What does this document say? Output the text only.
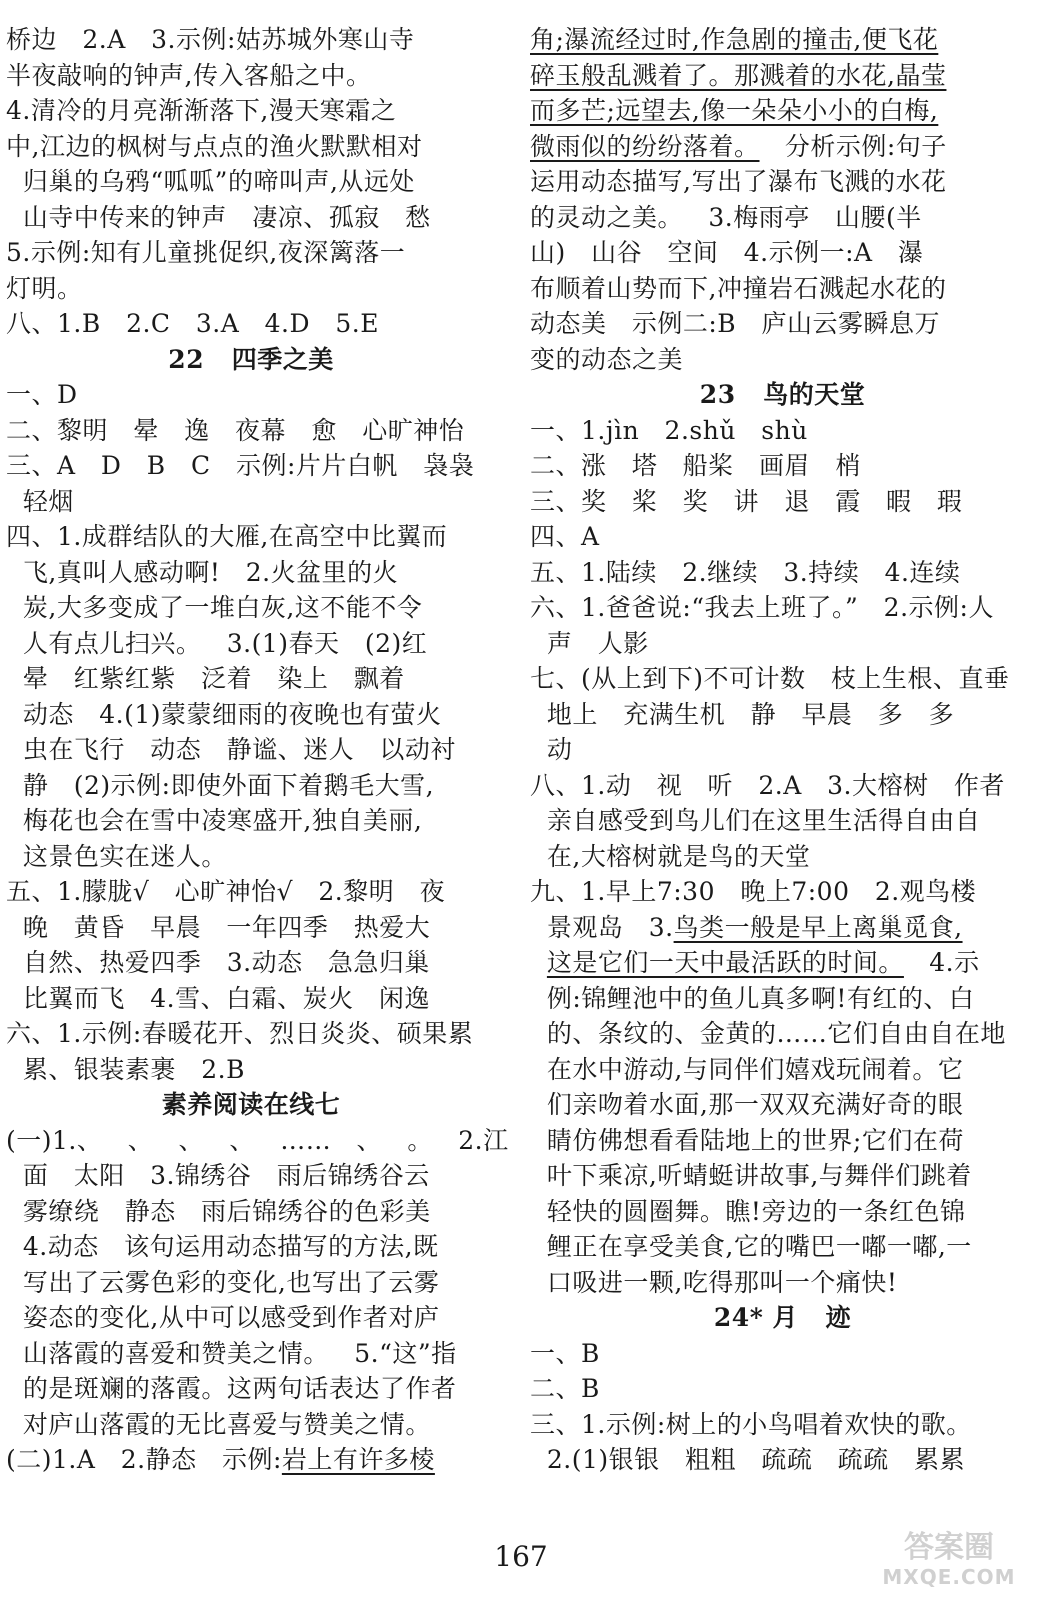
桥边   2.A   3.示例:姑苏城外寒山寺
半夜敲响的钟声,传入客船之中。
4.清冷的月亮渐渐落下,漫天寒霜之
中,江边的枫树与点点的渔火默默相对
归巢的乌鸦“呱呱”的啼叫声,从远处
山寺中传来的钟声   凄凉、孤寂   愁
5.示例:知有儿童挑促织,夜深篱落一
灯明。
八、1.B   2.C   3.A   4.D   5.E
22   四季之美
一、D
二、黎明   晕   逸   夜幕   愈   心旷神怡
三、A   D   B   C   示例:片片白帆   袅袅
轻烟
四、1.成群结队的大雁,在高空中比翼而
飞,真叫人感动啊!   2.火盆里的火
炭,大多变成了一堆白灰,这不能不令
人有点儿扫兴。   3.(1)春天   (2)红
晕   红紫红紫   泛着   染上   飘着
动态   4.(1)蒙蒙细雨的夜晚也有萤火
虫在飞行   动态   静谧、迷人   以动衬
静   (2)示例:即使外面下着鹅毛大雪,
梅花也会在雪中凌寒盛开,独自美丽,
这景色实在迷人。
五、1.朦胧√   心旷神怡√   2.黎明   夜
晚   黄昏   早晨   一年四季   热爱大
自然、热爱四季   3.动态   急急归巢
比翼而飞   4.雪、白霜、炭火   闲逸
六、1.示例:春暖花开、烈日炎炎、硕果累
累、银装素裹   2.B
素养阅读在线七
(一)1.、   、   、   、   ……   、   。   2.江
面   太阳   3.锦绣谷   雨后锦绣谷云
雾缭绕   静态   雨后锦绣谷的色彩美
4.动态   该句运用动态描写的方法,既
写出了云雾色彩的变化,也写出了云雾
姿态的变化,从中可以感受到作者对庐
山落霞的喜爱和赞美之情。   5.“这”指
的是斑斓的落霞。这两句话表达了作者
对庐山落霞的无比喜爱与赞美之情。
(二)1.A   2.静态   示例:岩上有许多棱
角;瀑流经过时,作急剧的撞击,便飞花
碎玉般乱溅着了。那溅着的水花,晶莹
而多芒;远望去,像一朵朵小小的白梅,
微雨似的纷纷落着。   分析示例:句子
运用动态描写,写出了瀑布飞溅的水花
的灵动之美。   3.梅雨亭   山腰(半
山)   山谷   空间   4.示例一:A   瀑
布顺着山势而下,冲撞岩石溅起水花的
动态美   示例二:B   庐山云雾瞬息万
变的动态之美
23   鸟的天堂
一、1.jìn   2.shǔ   shù
二、涨   塔   船桨   画眉   梢
三、奖   桨   奖   讲   退   霞   暇   瑕
四、A
五、1.陆续   2.继续   3.持续   4.连续
六、1.爸爸说:“我去上班了。”   2.示例:人
声   人影
七、(从上到下)不可计数   枝上生根、直垂
地上   充满生机   静   早晨   多   多
动
八、1.动   视   听   2.A   3.大榕树   作者
亲自感受到鸟儿们在这里生活得自由自
在,大榕树就是鸟的天堂
九、1.早上7:30   晚上7:00   2.观鸟楼
景观岛   3.鸟类一般是早上离巢觅食,
这是它们一天中最活跃的时间。   4.示
例:锦鲤池中的鱼儿真多啊!有红的、白
的、条纹的、金黄的……它们自由自在地
在水中游动,与同伴们嬉戏玩闹着。它
们亲吻着水面,那一双双充满好奇的眼
睛仿佛想看看陆地上的世界;它们在荷
叶下乘凉,听蜻蜓讲故事,与舞伴们跳着
轻快的圆圈舞。瞧!旁边的一条红色锦
鲤正在享受美食,它的嘴巴一嘟一嘟,一
口吸进一颗,吃得那叫一个痛快!
24* 月   迹
一、B
二、B
三、1.示例:树上的小鸟唱着欢快的歌。
2.(1)银银   粗粗   疏疏   疏疏   累累
167	答案圈
MXQE.COM
